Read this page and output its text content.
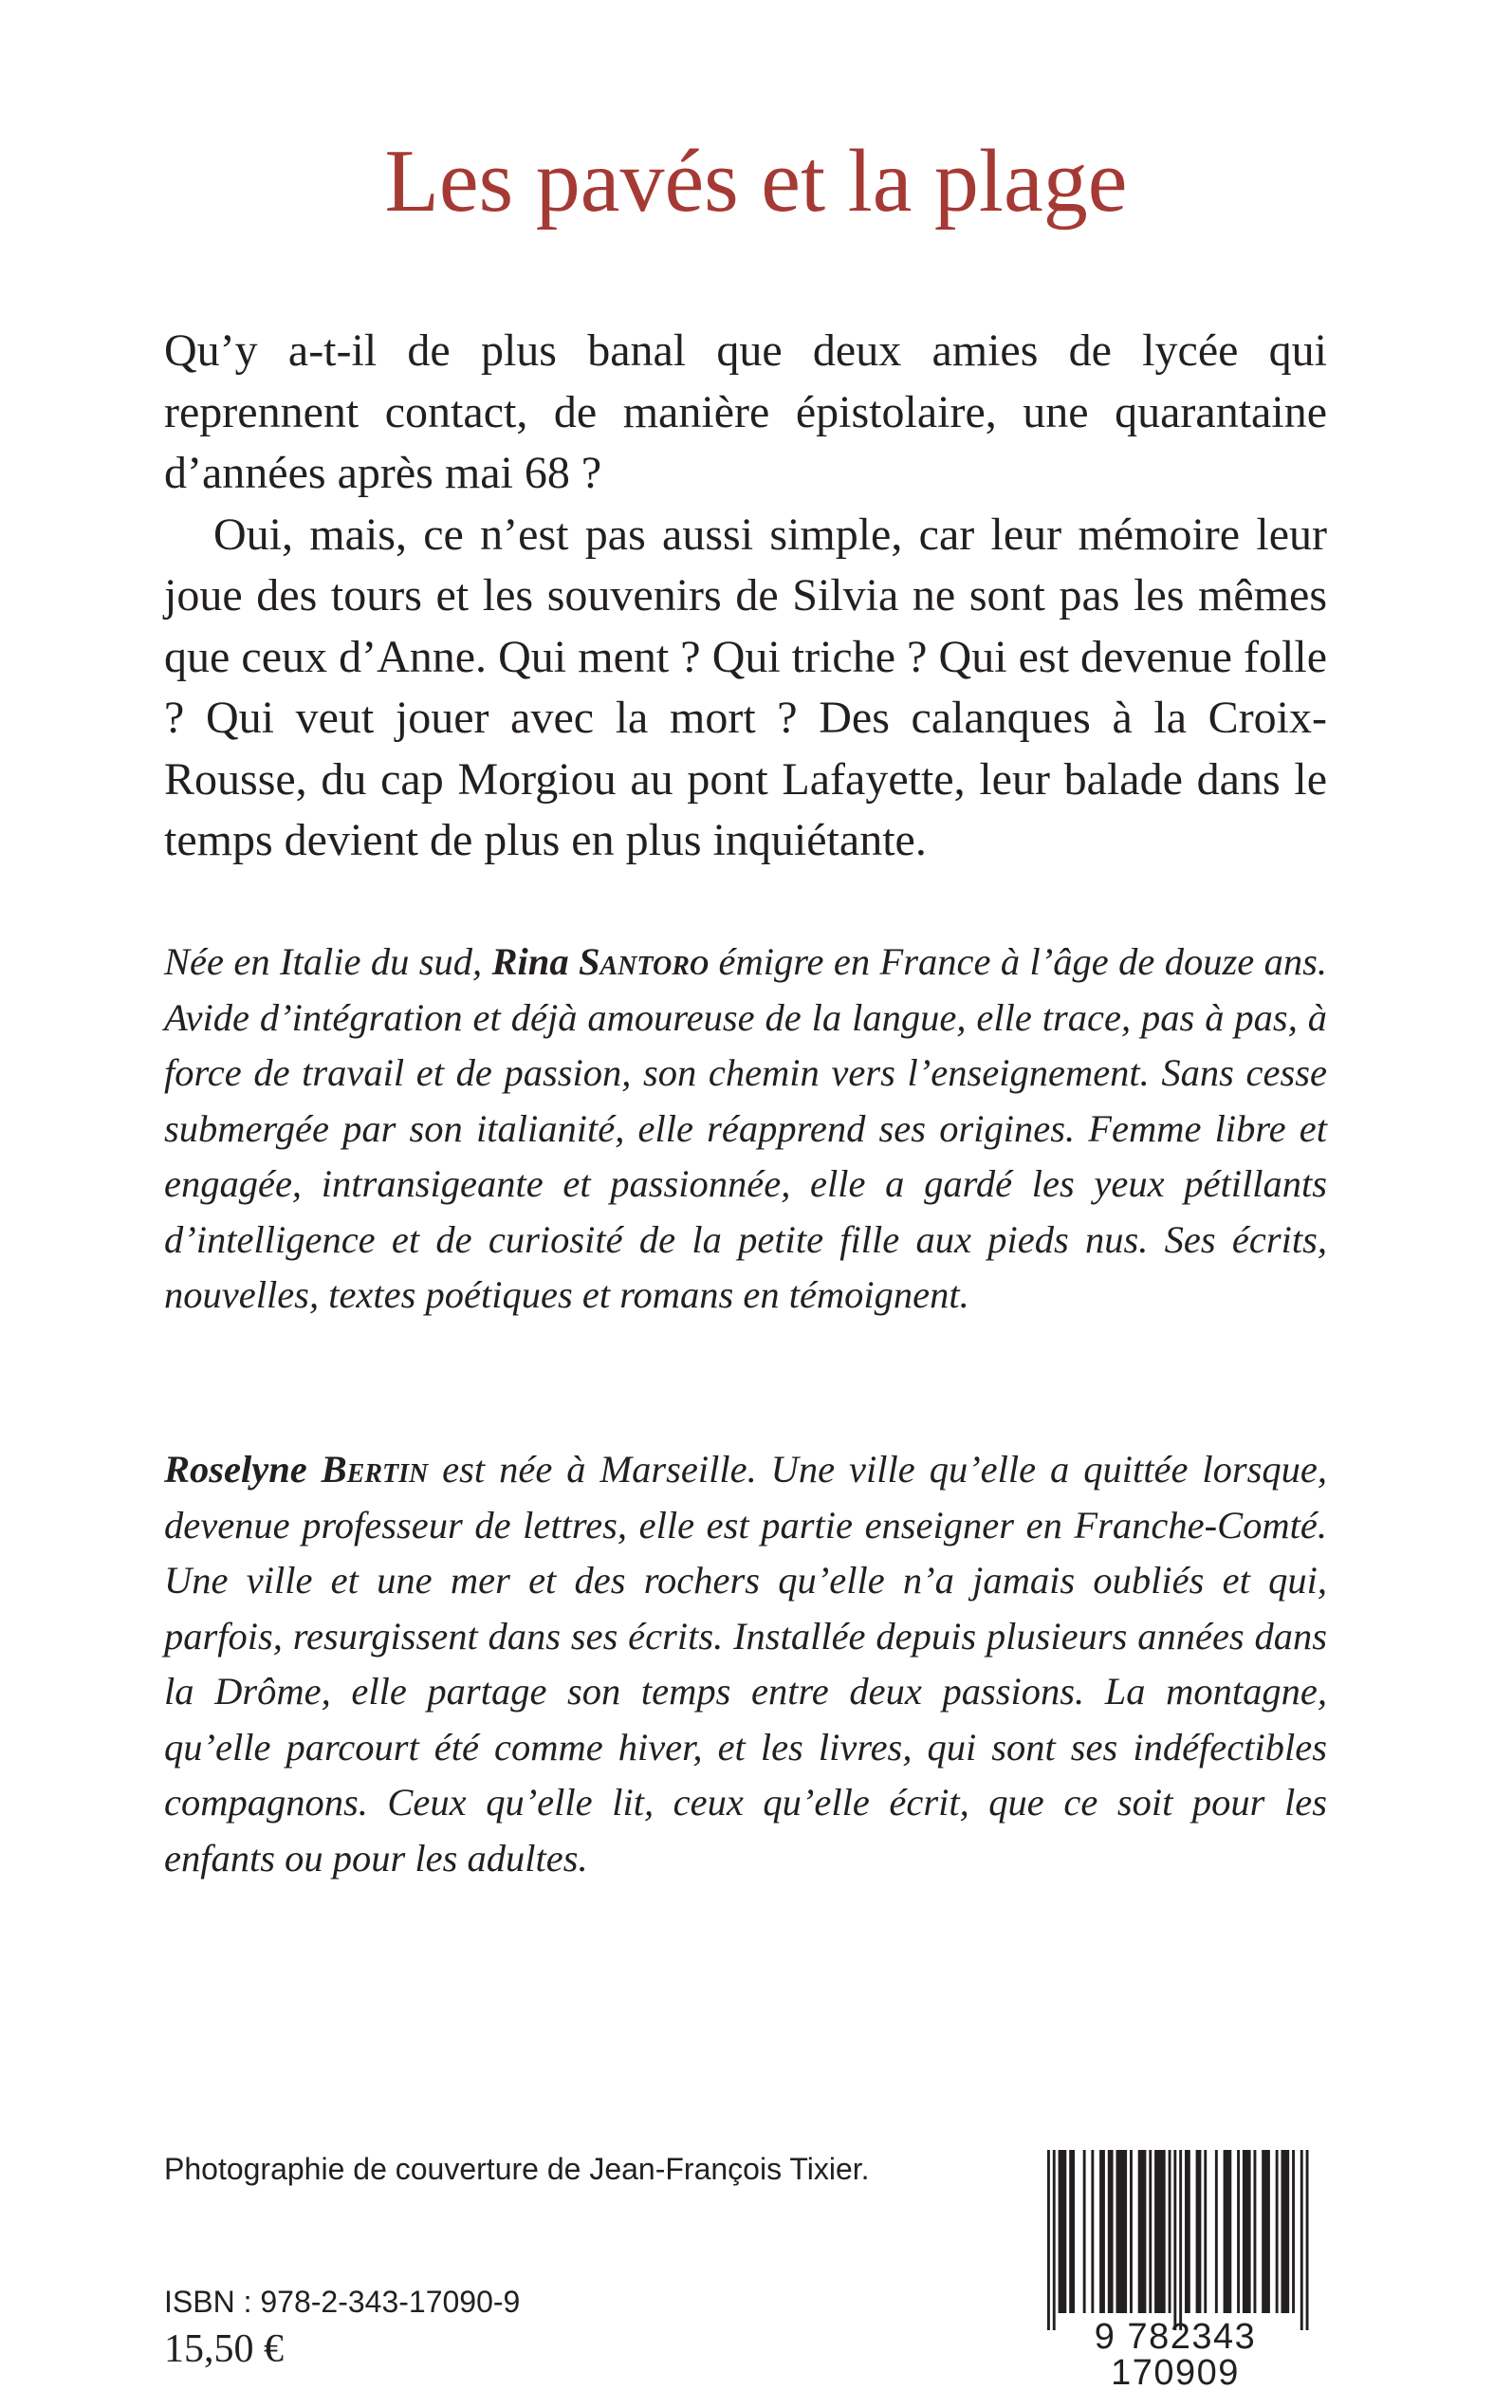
Les pavés et la plage

Qu’y a-t-il de plus banal que deux amies de lycée qui reprennent contact, de manière épistolaire, une quarantaine d’années après mai 68 ?

Oui, mais, ce n’est pas aussi simple, car leur mémoire leur joue des tours et les souvenirs de Silvia ne sont pas les mêmes que ceux d’Anne. Qui ment ? Qui triche ? Qui est devenue folle ? Qui veut jouer avec la mort ? Des calanques à la Croix-Rousse, du cap Morgiou au pont Lafayette, leur balade dans le temps devient de plus en plus inquiétante.

Née en Italie du sud, Rina Santoro émigre en France à l’âge de douze ans. Avide d’intégration et déjà amoureuse de la langue, elle trace, pas à pas, à force de travail et de passion, son chemin vers l’enseignement. Sans cesse submergée par son italianité, elle réapprend ses origines. Femme libre et engagée, intransigeante et passionnée, elle a gardé les yeux pétillants d’intelligence et de curiosité de la petite fille aux pieds nus. Ses écrits, nouvelles, textes poétiques et romans en témoignent.

Roselyne Bertin est née à Marseille. Une ville qu’elle a quittée lorsque, devenue professeur de lettres, elle est partie enseigner en Franche-Comté. Une ville et une mer et des rochers qu’elle n’a jamais oubliés et qui, parfois, resurgissent dans ses écrits. Installée depuis plusieurs années dans la Drôme, elle partage son temps entre deux passions. La montagne, qu’elle parcourt été comme hiver, et les livres, qui sont ses indéfectibles compagnons. Ceux qu’elle lit, ceux qu’elle écrit, que ce soit pour les enfants ou pour les adultes.

Photographie de couverture de Jean-François Tixier.

ISBN : 978-2-343-17090-9

15,50 €	9 782343 170909
